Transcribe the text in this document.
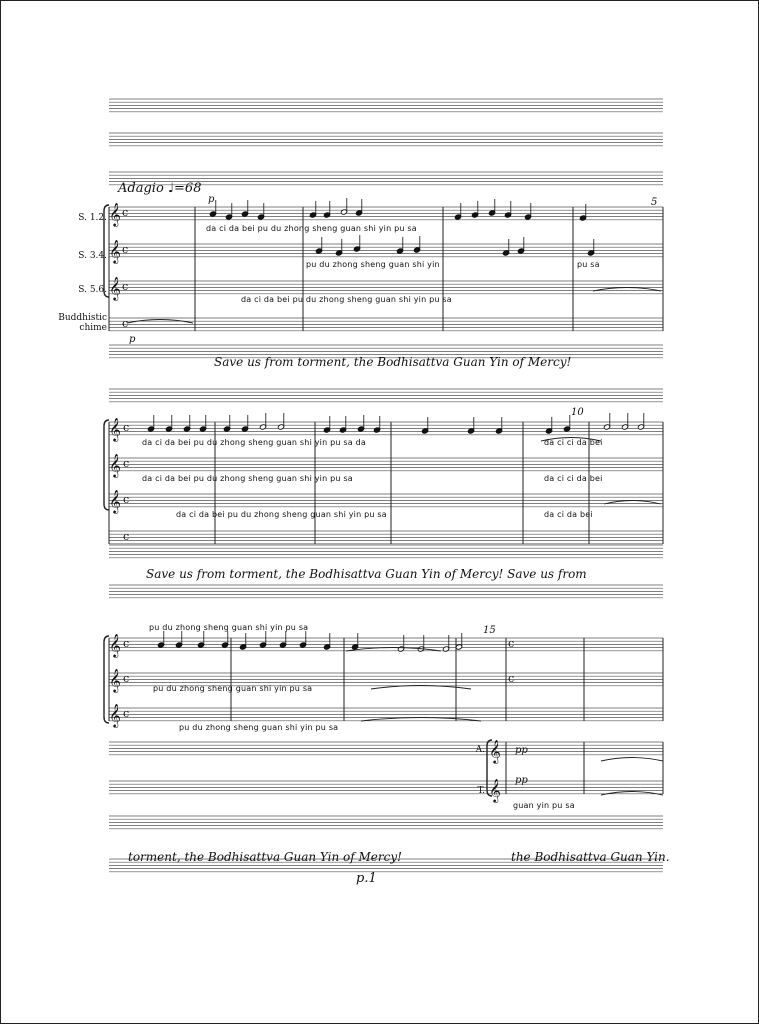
𝄞
𝄞
𝄞
𝄞
𝄞
𝄞
𝄞
𝄞
𝄞
𝄞
𝄞
c
c
c
c
c
c
c
c
c
c
c
c
c
Adagio ♩=68
S. 1.2.
S. 3.4.
S. 5.6.
Buddhistic
chime
A.
T.
p
p
pp
pp
5
10
15
da ci da bei pu du zhong sheng guan shi yin pu sa
pu du zhong sheng guan shi yin	pu sa
da ci da bei pu du zhong sheng guan shi yin pu sa
da ci da bei pu du zhong sheng guan shi yin pu sa da	da ci ci da bei
da ci da bei pu du zhong sheng guan shi yin pu sa	da ci ci da bei
da ci da bei pu du zhong sheng guan shi yin pu sa	da ci da bei
pu du zhong sheng guan shi yin pu sa
pu du zhong sheng guan shi yin pu sa
pu du zhong sheng guan shi yin pu sa
guan yin pu sa
Save us from torment, the Bodhisattva Guan Yin of Mercy!
Save us from torment, the Bodhisattva Guan Yin of Mercy! Save us from
torment, the Bodhisattva Guan Yin of Mercy!	the Bodhisattva Guan Yin.
p.1
